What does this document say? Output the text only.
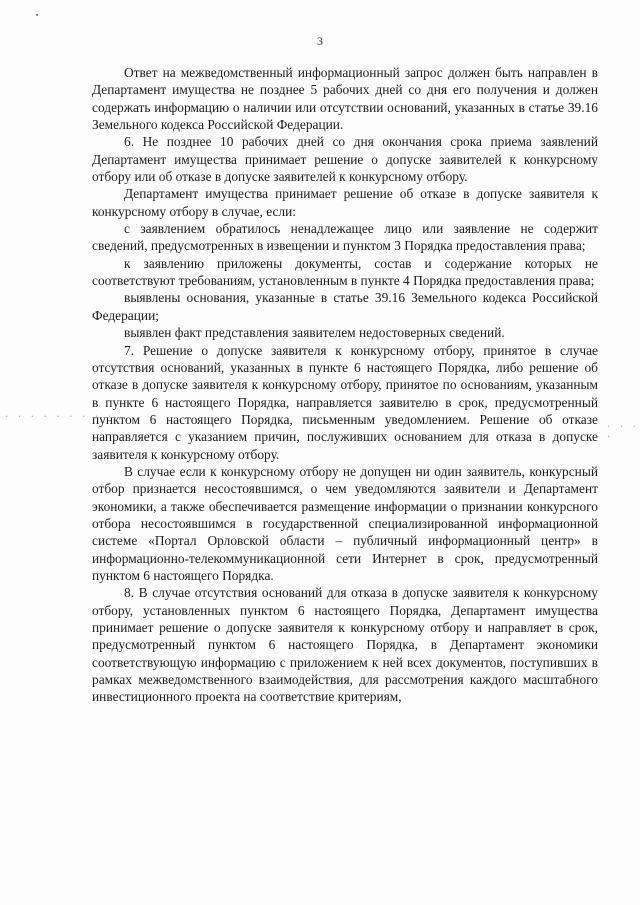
. . . . . . . . .
. . . .
3

Ответ на межведомственный информационный запрос должен быть направлен в Департамент имущества не позднее 5 рабочих дней со дня его получения и должен содержать информацию о наличии или отсутствии оснований, указанных в статье 39.16 Земельного кодекса Российской Федерации.

6. Не позднее 10 рабочих дней со дня окончания срока приема заявлений Департамент имущества принимает решение о допуске заявителей к конкурсному отбору или об отказе в допуске заявителей к конкурсному отбору.

Департамент имущества принимает решение об отказе в допуске заявителя к конкурсному отбору в случае, если:

с заявлением обратилось ненадлежащее лицо или заявление не содержит сведений, предусмотренных в извещении и пунктом 3 Порядка предоставления права;

к заявлению приложены документы, состав и содержание которых не соответствуют требованиям, установленным в пункте 4 Порядка предоставления права;

выявлены основания, указанные в статье 39.16 Земельного кодекса Российской Федерации;

выявлен факт представления заявителем недостоверных сведений.

7. Решение о допуске заявителя к конкурсному отбору, принятое в случае отсутствия оснований, указанных в пункте 6 настоящего Порядка, либо решение об отказе в допуске заявителя к конкурсному отбору, принятое по основаниям, указанным в пункте 6 настоящего Порядка, направляется заявителю в срок, предусмотренный пунктом 6 настоящего Порядка, письменным уведомлением. Решение об отказе направляется с указанием причин, послуживших основанием для отказа в допуске заявителя к конкурсному отбору.

В случае если к конкурсному отбору не допущен ни один заявитель, конкурсный отбор признается несостоявшимся, о чем уведомляются заявители и Департамент экономики, а также обеспечивается размещение информации о признании конкурсного отбора несостоявшимся в государственной специализированной информационной системе «Портал Орловской области – публичный информационный центр» в информационно-телекоммуникационной сети Интернет в срок, предусмотренный пунктом 6 настоящего Порядка.

8. В случае отсутствия оснований для отказа в допуске заявителя к конкурсному отбору, установленных пунктом 6 настоящего Порядка, Департамент имущества принимает решение о допуске заявителя к конкурсному отбору и направляет в срок, предусмотренный пунктом 6 настоящего Порядка, в Департамент экономики соответствующую информацию с приложением к ней всех документов, поступивших в рамках межведомственного взаимодействия, для рассмотрения каждого масштабного инвестиционного проекта на соответствие критериям,
